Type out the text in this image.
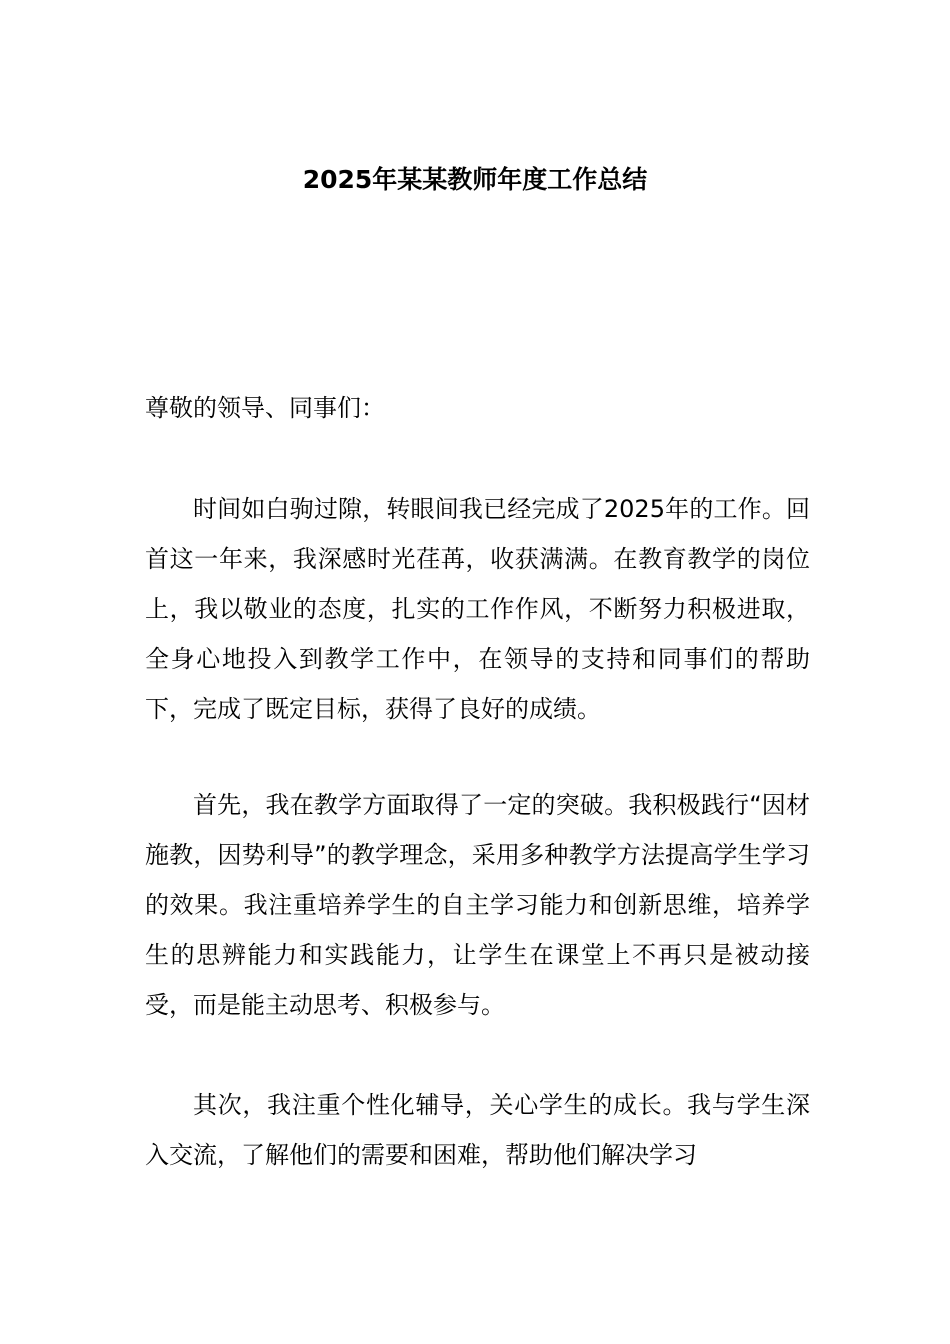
2025年某某教师年度工作总结
尊敬的领导、同事们：
时间如白驹过隙，转眼间我已经完成了2025年的工作。回首这一年来，我深感时光荏苒，收获满满。在教育教学的岗位上，我以敬业的态度，扎实的工作作风，不断努力积极进取，全身心地投入到教学工作中，在领导的支持和同事们的帮助下，完成了既定目标，获得了良好的成绩。
首先，我在教学方面取得了一定的突破。我积极践行“因材施教，因势利导”的教学理念，采用多种教学方法提高学生学习的效果。我注重培养学生的自主学习能力和创新思维，培养学生的思辨能力和实践能力，让学生在课堂上不再只是被动接受，而是能主动思考、积极参与。
其次，我注重个性化辅导，关心学生的成长。我与学生深入交流，了解他们的需要和困难，帮助他们解决学习
